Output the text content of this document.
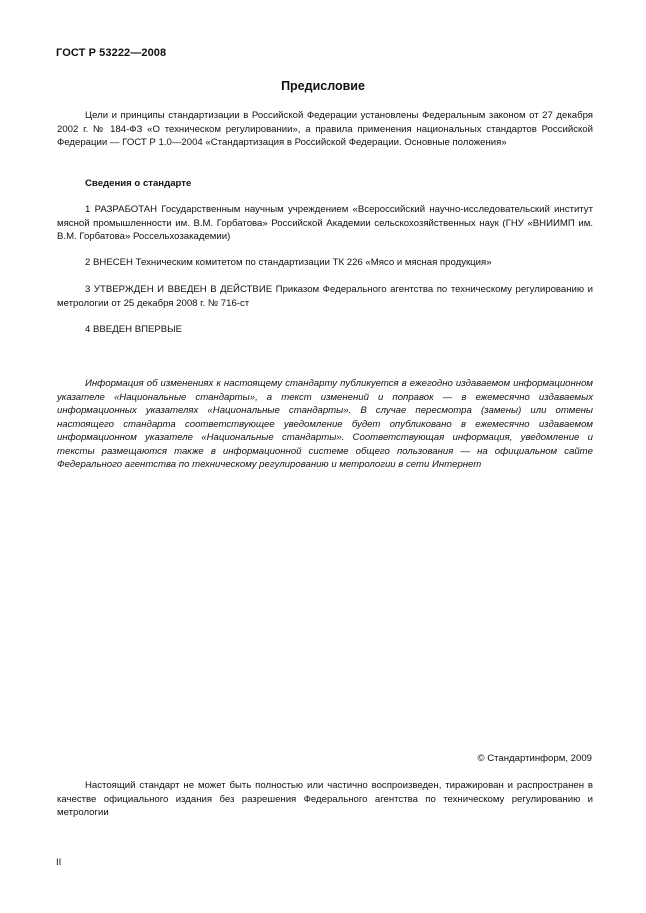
ГОСТ Р 53222—2008
Предисловие

Цели и принципы стандартизации в Российской Федерации установлены Федеральным законом от 27 декабря 2002 г. № 184-ФЗ «О техническом регулировании», а правила применения национальных стандартов Российской Федерации — ГОСТ Р 1.0—2004 «Стандартизация в Российской Федерации. Основные положения»

Сведения о стандарте

1 РАЗРАБОТАН Государственным научным учреждением «Всероссийский научно-исследовательский институт мясной промышленности им. В.М. Горбатова» Российской Академии сельскохозяйственных наук (ГНУ «ВНИИМП им. В.М. Горбатова» Россельхозакадемии)

2 ВНЕСЕН Техническим комитетом по стандартизации ТК 226 «Мясо и мясная продукция»

3 УТВЕРЖДЕН И ВВЕДЕН В ДЕЙСТВИЕ Приказом Федерального агентства по техническому регулированию и метрологии от 25 декабря 2008 г. № 716-ст

4 ВВЕДЕН ВПЕРВЫЕ

Информация об изменениях к настоящему стандарту публикуется в ежегодно издаваемом информационном указателе «Национальные стандарты», а текст изменений и поправок — в ежемесячно издаваемых информационных указателях «Национальные стандарты». В случае пересмотра (замены) или отмены настоящего стандарта соответствующее уведомление будет опубликовано в ежемесячно издаваемом информационном указателе «Национальные стандарты». Соответствующая информация, уведомление и тексты размещаются также в информационной системе общего пользования — на официальном сайте Федерального агентства по техническому регулированию и метрологии в сети Интернет

© Стандартинформ, 2009

Настоящий стандарт не может быть полностью или частично воспроизведен, тиражирован и распространен в качестве официального издания без разрешения Федерального агентства по техническому регулированию и метрологии

II
